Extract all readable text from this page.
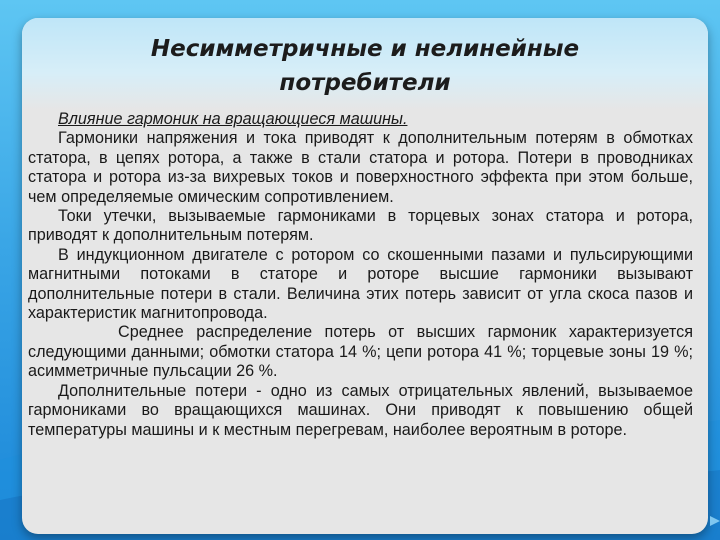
Несимметричные и нелинейные
потребители

Влияние гармоник на вращающиеся машины.

Гармоники напряжения и тока приводят к дополнительным потерям в обмотках статора, в цепях ротора, а также в стали статора и ротора. Потери в проводниках статора и ротора из-за вихревых токов и поверхностного эффекта при этом больше, чем определяемые омическим сопротивлением.

Токи утечки, вызываемые гармониками в торцевых зонах статора и ротора, приводят к дополнительным потерям.

В индукционном двигателе с ротором со скошенными пазами и пульсирующими магнитными потоками в статоре и роторе высшие гармоники вызывают дополнительные потери в стали. Величина этих потерь зависит от угла скоса пазов и характеристик магнитопровода.

Среднее распределение потерь от высших гармоник характеризуется следующими данными; обмотки статора 14 %; цепи ротора 41 %; торцевые зоны 19 %; асимметричные пульсации 26 %.

Дополнительные потери - одно из самых отрицательных явлений, вызываемое гармониками во вращающихся машинах. Они приводят к повышению общей температуры машины и к местным перегревам, наиболее вероятным в роторе.
